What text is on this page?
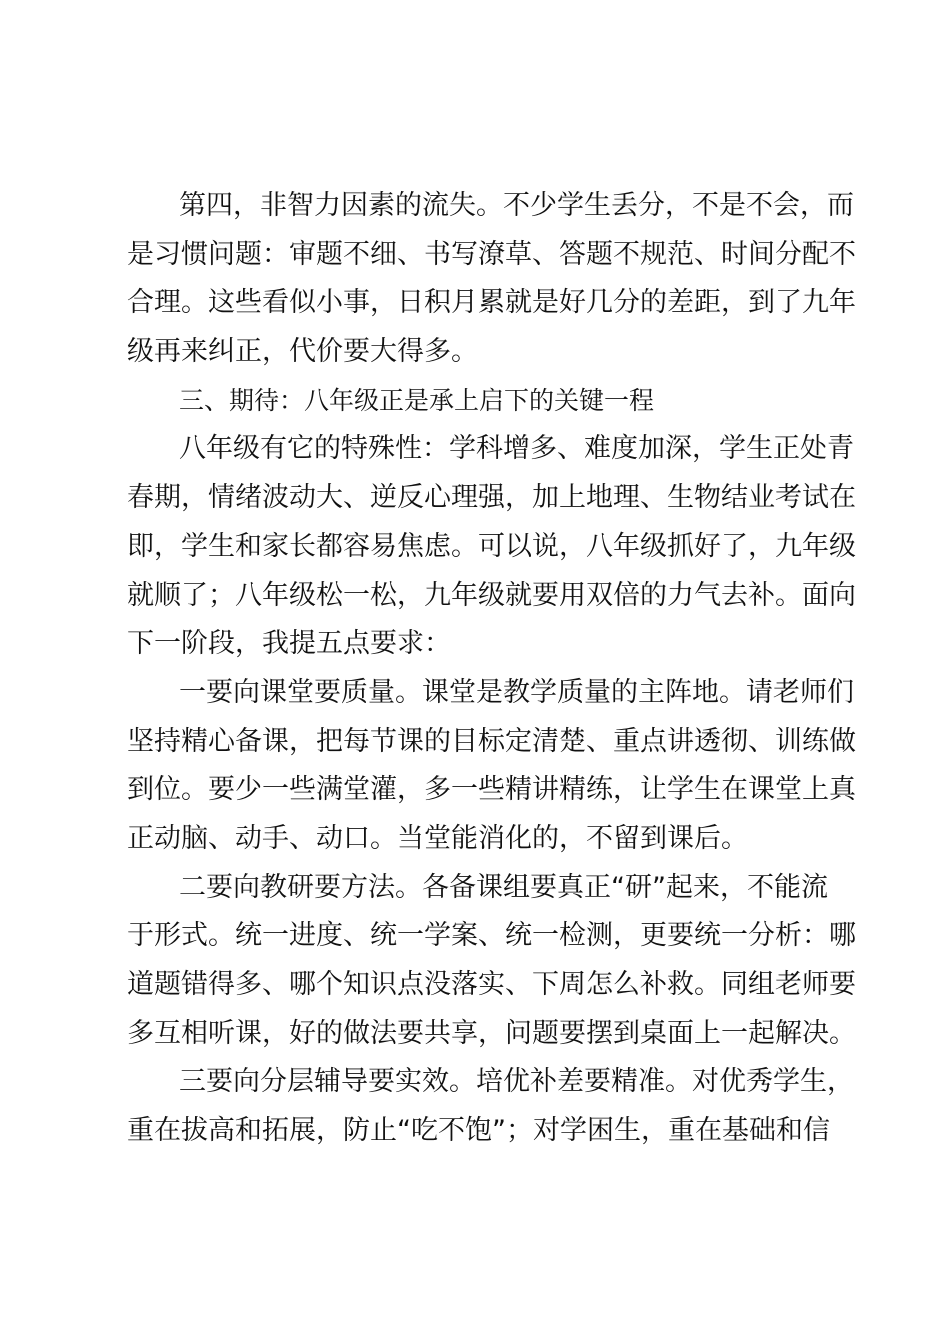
第四，非智力因素的流失。不少学生丢分，不是不会，而
是习惯问题：审题不细、书写潦草、答题不规范、时间分配不
合理。这些看似小事，日积月累就是好几分的差距，到了九年
级再来纠正，代价要大得多。
三、期待：八年级正是承上启下的关键一程
八年级有它的特殊性：学科增多、难度加深，学生正处青
春期，情绪波动大、逆反心理强，加上地理、生物结业考试在
即，学生和家长都容易焦虑。可以说，八年级抓好了，九年级
就顺了；八年级松一松，九年级就要用双倍的力气去补。面向
下一阶段，我提五点要求：
一要向课堂要质量。课堂是教学质量的主阵地。请老师们
坚持精心备课，把每节课的目标定清楚、重点讲透彻、训练做
到位。要少一些满堂灌，多一些精讲精练，让学生在课堂上真
正动脑、动手、动口。当堂能消化的，不留到课后。
二要向教研要方法。各备课组要真正“研”起来，不能流
于形式。统一进度、统一学案、统一检测，更要统一分析：哪
道题错得多、哪个知识点没落实、下周怎么补救。同组老师要
多互相听课，好的做法要共享，问题要摆到桌面上一起解决。
三要向分层辅导要实效。培优补差要精准。对优秀学生，
重在拔高和拓展，防止“吃不饱”；对学困生，重在基础和信
